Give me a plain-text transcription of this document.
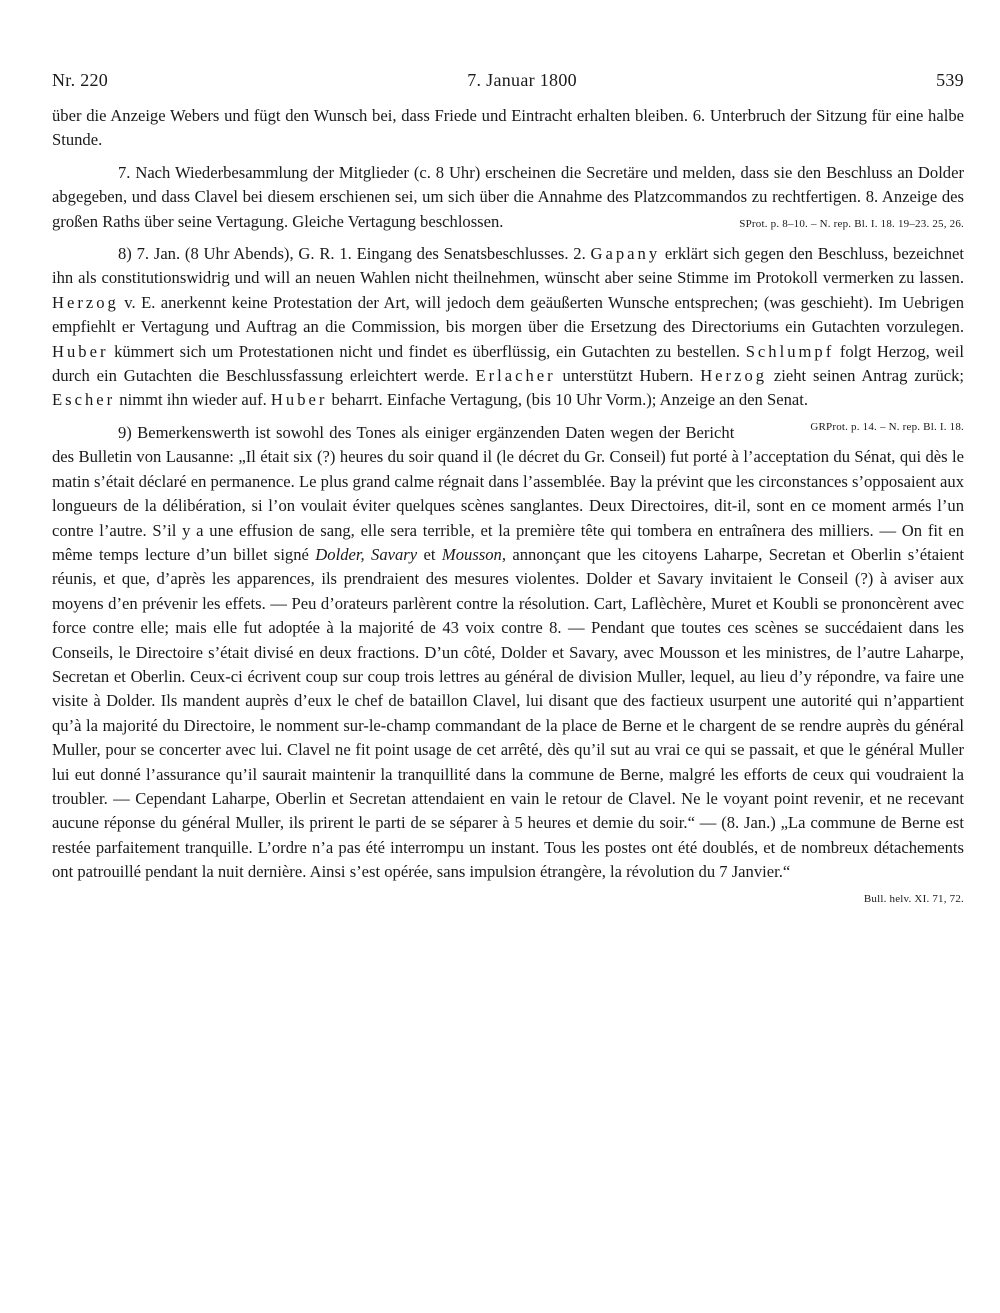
Nr. 220	7. Januar 1800	539

über die Anzeige Webers und fügt den Wunsch bei, dass Friede und Eintracht erhalten bleiben. 6. Unterbruch der Sitzung für eine halbe Stunde.

7. Nach Wiederbesammlung der Mitglieder (c. 8 Uhr) erscheinen die Secretäre und melden, dass sie den Beschluss an Dolder abgegeben, und dass Clavel bei diesem erschienen sei, um sich über die Annahme des Platzcommandos zu rechtfertigen. 8. Anzeige des großen Raths über seine Vertagung. Gleiche Vertagung beschlossen.	SProt. p. 8–10. – N. rep. Bl. I. 18. 19–23. 25, 26.

8) 7. Jan. (8 Uhr Abends), G. R. 1. Eingang des Senatsbeschlusses. 2. Gapany erklärt sich gegen den Beschluss, bezeichnet ihn als constitutionswidrig und will an neuen Wahlen nicht theilnehmen, wünscht aber seine Stimme im Protokoll vermerken zu lassen. Herzog v. E. anerkennt keine Protestation der Art, will jedoch dem geäußerten Wunsche entsprechen; (was geschieht). Im Uebrigen empfiehlt er Vertagung und Auftrag an die Commission, bis morgen über die Ersetzung des Directoriums ein Gutachten vorzulegen. Huber kümmert sich um Protestationen nicht und findet es überflüssig, ein Gutachten zu bestellen. Schlumpf folgt Herzog, weil durch ein Gutachten die Beschlussfassung erleichtert werde. Erlacher unterstützt Hubern. Herzog zieht seinen Antrag zurück; Escher nimmt ihn wieder auf. Huber beharrt. Einfache Vertagung, (bis 10 Uhr Vorm.); Anzeige an den Senat.
GRProt. p. 14. – N. rep. Bl. I. 18.

9) Bemerkenswerth ist sowohl des Tones als einiger ergänzenden Daten wegen der Bericht des Bulletin von Lausanne: „Il était six (?) heures du soir quand il (le décret du Gr. Conseil) fut porté à l’acceptation du Sénat, qui dès le matin s’était déclaré en permanence. Le plus grand calme régnait dans l’assemblée. Bay la prévint que les circonstances s’opposaient aux longueurs de la délibération, si l’on voulait éviter quelques scènes sanglantes. Deux Directoires, dit-il, sont en ce moment armés l’un contre l’autre. S’il y a une effusion de sang, elle sera terrible, et la première tête qui tombera en entraînera des milliers. — On fit en même temps lecture d’un billet signé Dolder, Savary et Mousson, annonçant que les citoyens Laharpe, Secretan et Oberlin s’étaient réunis, et que, d’après les apparences, ils prendraient des mesures violentes. Dolder et Savary invitaient le Conseil (?) à aviser aux moyens d’en prévenir les effets. — Peu d’orateurs parlèrent contre la résolution. Cart, Laflèchère, Muret et Koubli se prononcèrent avec force contre elle; mais elle fut adoptée à la majorité de 43 voix contre 8. — Pendant que toutes ces scènes se succédaient dans les Conseils, le Directoire s’était divisé en deux fractions. D’un côté, Dolder et Savary, avec Mousson et les ministres, de l’autre Laharpe, Secretan et Oberlin. Ceux-ci écrivent coup sur coup trois lettres au général de division Muller, lequel, au lieu d’y répondre, va faire une visite à Dolder. Ils mandent auprès d’eux le chef de bataillon Clavel, lui disant que des factieux usurpent une autorité qui n’appartient qu’à la majorité du Directoire, le nomment sur-le-champ commandant de la place de Berne et le chargent de se rendre auprès du général Muller, pour se concerter avec lui. Clavel ne fit point usage de cet arrêté, dès qu’il sut au vrai ce qui se passait, et que le général Muller lui eut donné l’assurance qu’il saurait maintenir la tranquillité dans la commune de Berne, malgré les efforts de ceux qui voudraient la troubler. — Cependant Laharpe, Oberlin et Secretan attendaient en vain le retour de Clavel. Ne le voyant point revenir, et ne recevant aucune réponse du général Muller, ils prirent le parti de se séparer à 5 heures et demie du soir.“ — (8. Jan.) „La commune de Berne est restée parfaitement tranquille. L’ordre n’a pas été interrompu un instant. Tous les postes ont été doublés, et de nombreux détachements ont patrouillé pendant la nuit dernière. Ainsi s’est opérée, sans impulsion étrangère, la révolution du 7 Janvier.“
Bull. helv. XI. 71, 72.
